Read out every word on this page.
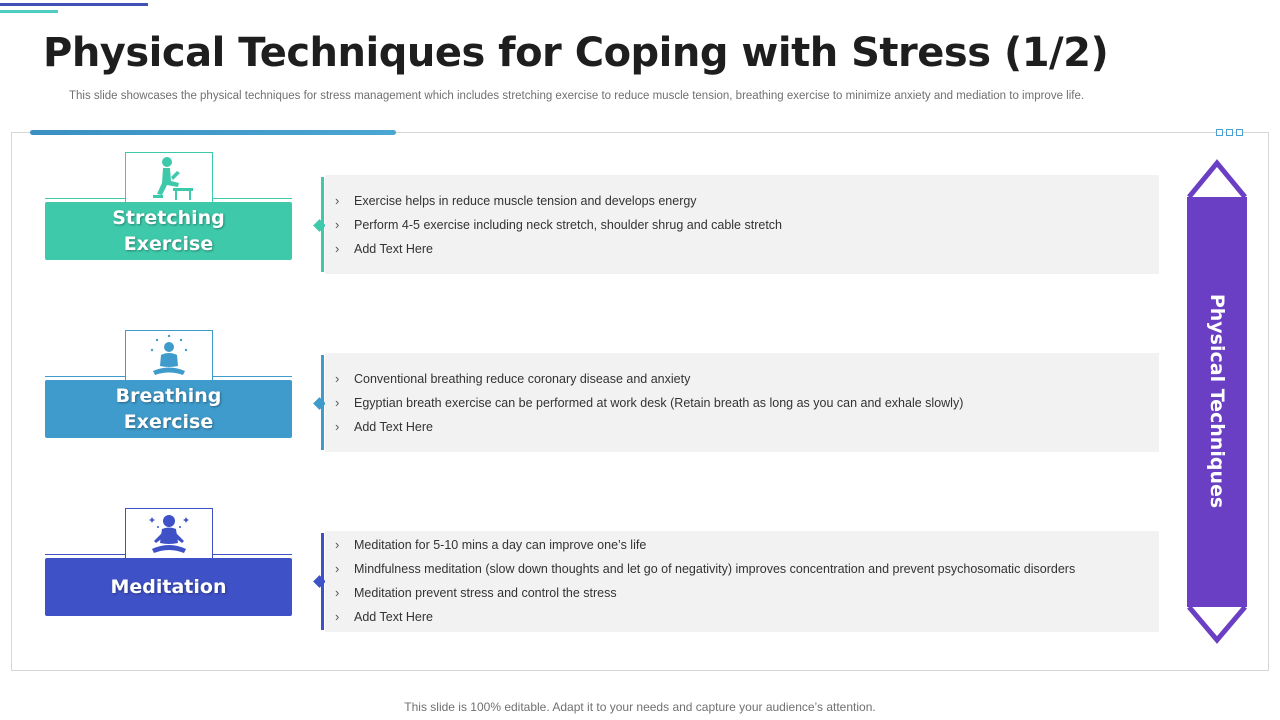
Physical Techniques for Coping with Stress (1/2)

This slide showcases the physical techniques for stress management which includes stretching exercise to reduce muscle tension, breathing exercise to minimize anxiety and mediation to improve life.

Stretching
Exercise
› Exercise helps in reduce muscle tension and develops energy
› Perform 4-5 exercise including neck stretch, shoulder shrug and cable stretch
› Add Text Here
Breathing
Exercise
› Conventional breathing reduce coronary disease and anxiety
› Egyptian breath exercise can be performed at work desk (Retain breath as long as you can and exhale slowly)
› Add Text Here
Meditation
› Meditation for 5-10 mins a day can improve one’s life
› Mindfulness meditation (slow down thoughts and let go of negativity) improves concentration and prevent psychosomatic disorders
› Meditation prevent stress and control the stress
› Add Text Here
Physical Techniques

This slide is 100% editable. Adapt it to your needs and capture your audience’s attention.
